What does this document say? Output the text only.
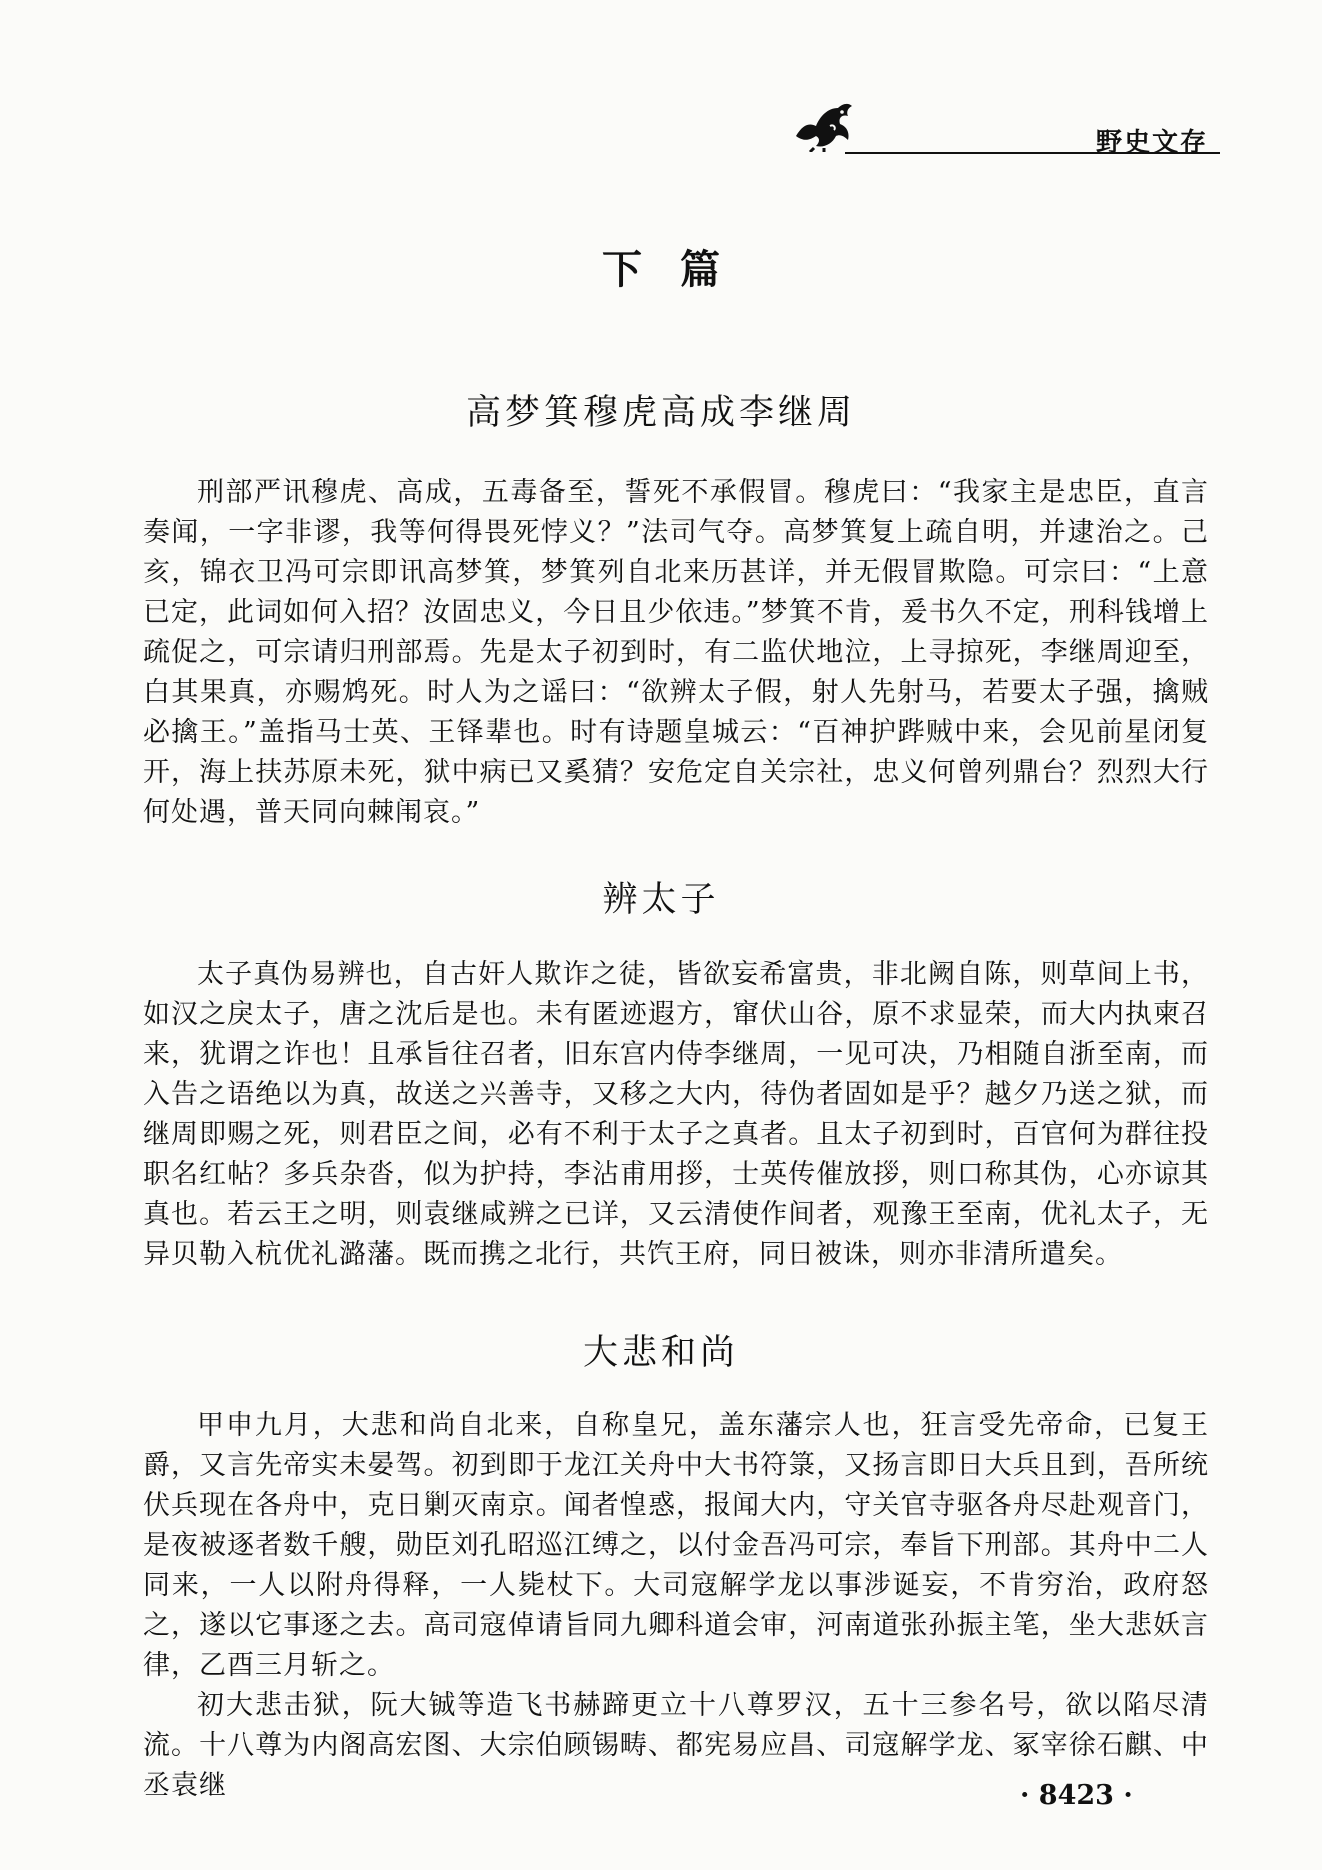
野史文存
下篇
高梦箕穆虎高成李继周
刑部严讯穆虎、高成，五毒备至，誓死不承假冒。穆虎曰：“我家主是忠臣，直言奏闻，一字非谬，我等何得畏死悖义？”法司气夺。高梦箕复上疏自明，并逮治之。己亥，锦衣卫冯可宗即讯高梦箕，梦箕列自北来历甚详，并无假冒欺隐。可宗曰：“上意已定，此词如何入招？汝固忠义，今日且少依违。”梦箕不肯，爰书久不定，刑科钱增上疏促之，可宗请归刑部焉。先是太子初到时，有二监伏地泣，上寻掠死，李继周迎至，白其果真，亦赐鸩死。时人为之谣曰：“欲辨太子假，射人先射马，若要太子强，擒贼必擒王。”盖指马士英、王铎辈也。时有诗题皇城云：“百神护跸贼中来，会见前星闭复开，海上扶苏原未死，狱中病已又奚猜？安危定自关宗社，忠义何曾列鼎台？烈烈大行何处遇，普天同向棘闱哀。”
辨太子
太子真伪易辨也，自古奸人欺诈之徒，皆欲妄希富贵，非北阙自陈，则草间上书，如汉之戾太子，唐之沈后是也。未有匿迹遐方，窜伏山谷，原不求显荣，而大内执柬召来，犹谓之诈也！且承旨往召者，旧东宫内侍李继周，一见可决，乃相随自浙至南，而入告之语绝以为真，故送之兴善寺，又移之大内，待伪者固如是乎？越夕乃送之狱，而继周即赐之死，则君臣之间，必有不利于太子之真者。且太子初到时，百官何为群往投职名红帖？多兵杂沓，似为护持，李沾甫用拶，士英传催放拶，则口称其伪，心亦谅其真也。若云王之明，则袁继咸辨之已详，又云清使作间者，观豫王至南，优礼太子，无异贝勒入杭优礼潞藩。既而携之北行，共饩王府，同日被诛，则亦非清所遣矣。
大悲和尚
甲申九月，大悲和尚自北来，自称皇兄，盖东藩宗人也，狂言受先帝命，已复王爵，又言先帝实未晏驾。初到即于龙江关舟中大书符箓，又扬言即日大兵且到，吾所统伏兵现在各舟中，克日剿灭南京。闻者惶惑，报闻大内，守关官寺驱各舟尽赴观音门，是夜被逐者数千艘，勋臣刘孔昭巡江缚之，以付金吾冯可宗，奉旨下刑部。其舟中二人同来，一人以附舟得释，一人毙杖下。大司寇解学龙以事涉诞妄，不肯穷治，政府怒之，遂以它事逐之去。高司寇倬请旨同九卿科道会审，河南道张孙振主笔，坐大悲妖言律，乙酉三月斩之。
初大悲击狱，阮大铖等造飞书赫蹄更立十八尊罗汉，五十三参名号，欲以陷尽清流。十八尊为内阁高宏图、大宗伯顾锡畴、都宪易应昌、司寇解学龙、冢宰徐石麒、中丞袁继	· 8423 ·
